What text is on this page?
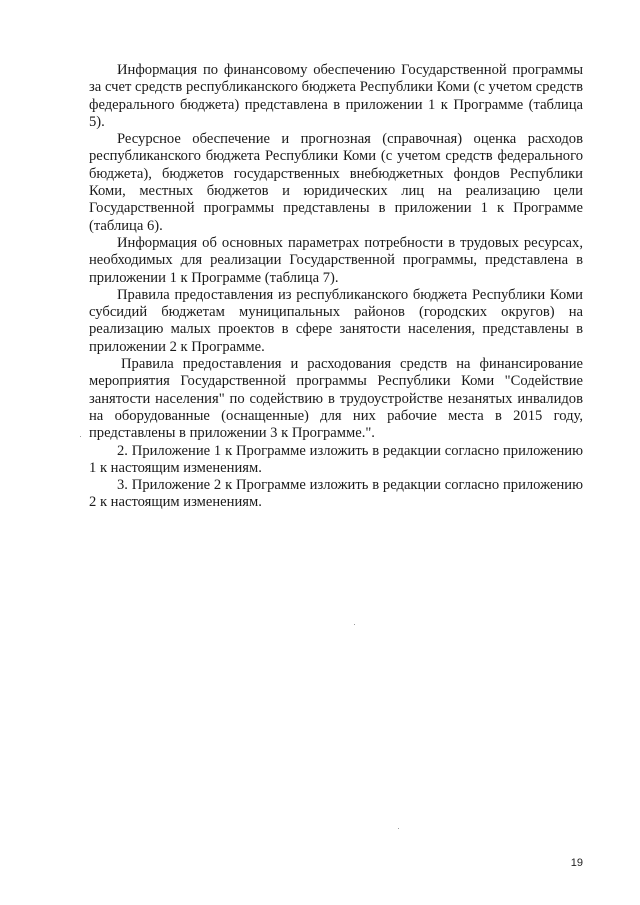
Информация по финансовому обеспечению Государственной программы за счет средств республиканского бюджета Республики Коми (с учетом средств федерального бюджета) представлена в приложении 1 к Программе (таблица 5).

Ресурсное обеспечение и прогнозная (справочная) оценка расходов республиканского бюджета Республики Коми (с учетом средств федерального бюджета), бюджетов государственных внебюджетных фондов Республики Коми, местных бюджетов и юридических лиц на реализацию цели Государственной программы представлены в приложении 1 к Программе (таблица 6).

Информация об основных параметрах потребности в трудовых ресурсах, необходимых для реализации Государственной программы, представлена в приложении 1 к Программе (таблица 7).

Правила предоставления из республиканского бюджета Республики Коми субсидий бюджетам муниципальных районов (городских округов) на реализацию малых проектов в сфере занятости населения, представлены в приложении 2 к Программе.

Правила предоставления и расходования средств на финансирование мероприятия Государственной программы Республики Коми "Содействие занятости населения" по содействию в трудоустройстве незанятых инвалидов на оборудованные (оснащенные) для них рабочие места в 2015 году, представлены в приложении 3 к Программе.".

2. Приложение 1 к Программе изложить в редакции согласно приложению 1 к настоящим изменениям.

3. Приложение 2 к Программе изложить в редакции согласно приложению 2 к настоящим изменениям.

19
